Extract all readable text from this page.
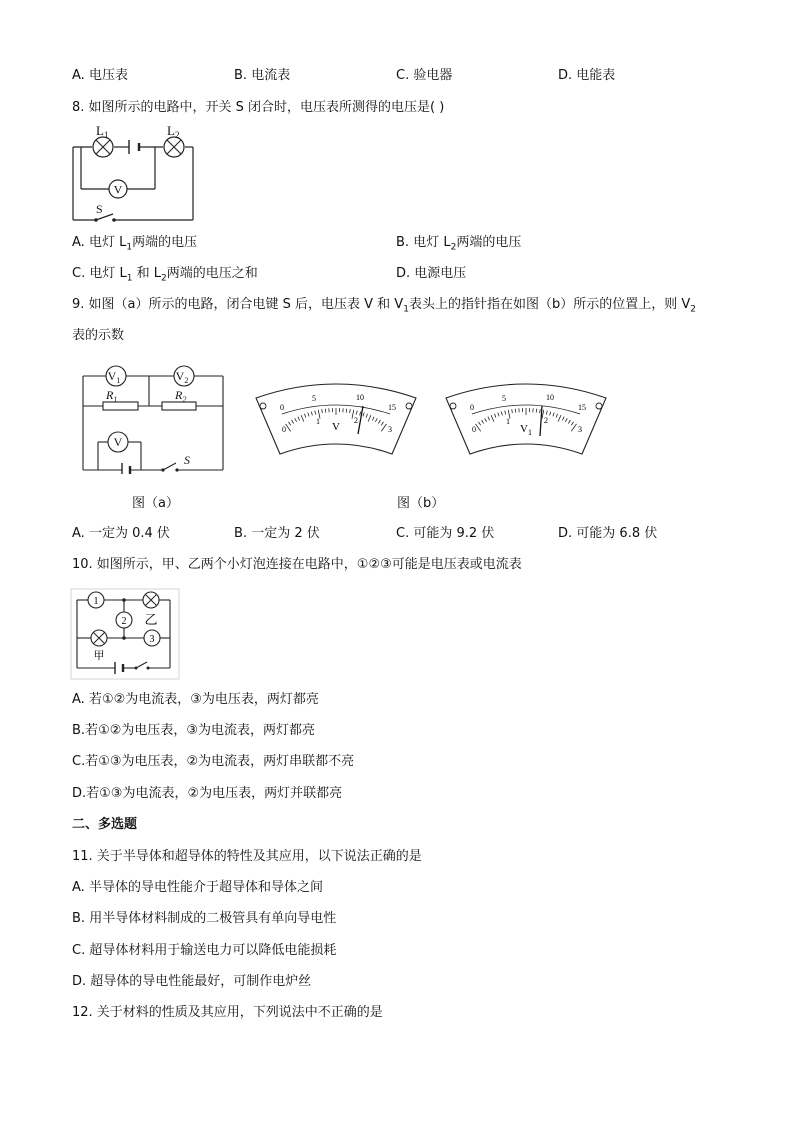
A. 电压表	B. 电流表	C. 验电器	D. 电能表
8. 如图所示的电路中，开关 S 闭合时，电压表所测得的电压是( )
V
$L_1$	$L_2$
S
A. 电灯 $L_1$两端的电压	B. 电灯 $L_2$两端的电压
C. 电灯 $L_1$ 和 $L_2$两端的电压之和	D. 电源电压
9. 如图（a）所示的电路，闭合电键 S 后，电压表 V 和 $V_1$表头上的指针指在如图（b）所示的位置上，则 $V_2$
表的示数
$V_1$	$V_2$
V
$R_1$	$R_2$
S
0
5	10
15
0
1	2
3
V
0
5	10
15
0
1	2
3
$V_1$
图（a）	图（b）
A. 一定为 0.4 伏	B. 一定为 2 伏	C. 可能为 9.2 伏	D. 可能为 6.8 伏
10. 如图所示，甲、乙两个小灯泡连接在电路中，①②③可能是电压表或电流表
1
2
3
乙
甲
A. 若①②为电流表，③为电压表，两灯都亮
B.若①②为电压表，③为电流表，两灯都亮
C.若①③为电压表，②为电流表，两灯串联都不亮
D.若①③为电流表，②为电压表，两灯并联都亮
二、多选题
11. 关于半导体和超导体的特性及其应用，以下说法正确的是
A. 半导体的导电性能介于超导体和导体之间
B. 用半导体材料制成的二极管具有单向导电性
C. 超导体材料用于输送电力可以降低电能损耗
D. 超导体的导电性能最好，可制作电炉丝
12. 关于材料的性质及其应用，下列说法中不正确的是
